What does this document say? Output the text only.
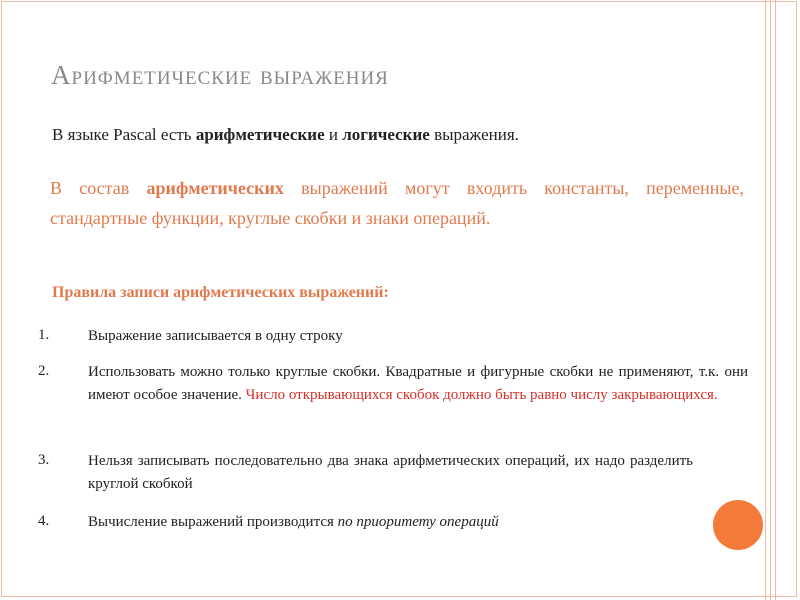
Арифметические выражения
В языке Pascal есть арифметические и логические выражения.
В состав арифметических выражений могут входить константы, переменные, стандартные функции, круглые скобки и знаки операций.
Правила записи арифметических выражений:
1.	Выражение записывается в одну строку
2.	Использовать можно только круглые скобки. Квадратные и фигурные скобки не применяют, т.к. они имеют особое значение. Число открывающихся скобок должно быть равно числу закрывающихся.
3.	Нельзя записывать последовательно два знака арифметических операций, их надо разделить круглой скобкой
4.	Вычисление выражений производится по приоритету операций
